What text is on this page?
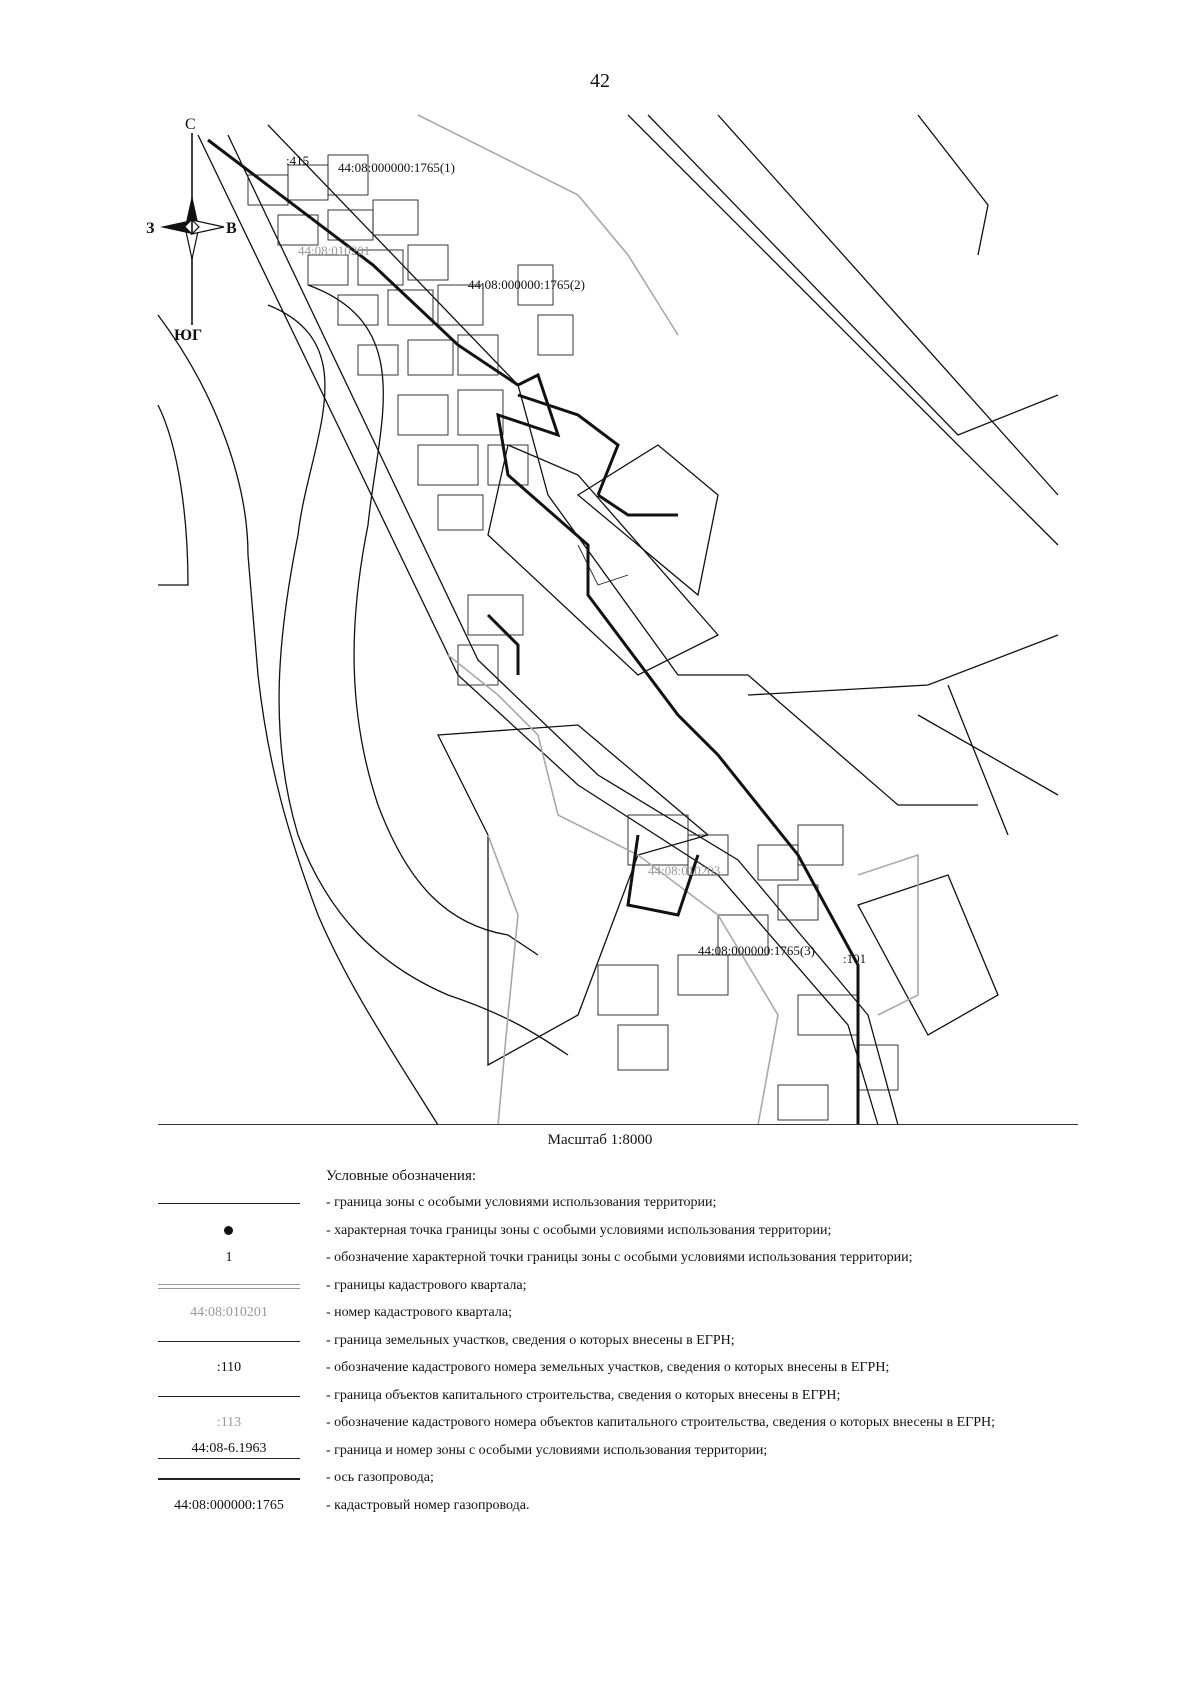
42
44:08:010201
44:08:010203
44:08:000000:1765(1)
44:08:000000:1765(2)
44:08:000000:1765(3)
:415
:101
С
ЮГ
З	В
Масштаб 1:8000
Условные обозначения:
- граница зоны с особыми условиями использования территории;
- характерная точка границы зоны с особыми условиями использования территории;
1	- обозначение характерной точки границы зоны с особыми условиями использования территории;
- границы кадастрового квартала;
44:08:010201	- номер кадастрового квартала;
- граница земельных участков, сведения о которых внесены в ЕГРН;
:110	- обозначение кадастрового номера земельных участков, сведения о которых внесены в ЕГРН;
- граница объектов капитального строительства, сведения о которых внесены в ЕГРН;
:113	- обозначение кадастрового номера объектов капитального строительства, сведения о которых внесены в ЕГРН;
44:08-6.1963	- граница и номер зоны с особыми условиями использования территории;
- ось газопровода;
44:08:000000:1765	- кадастровый номер газопровода.
